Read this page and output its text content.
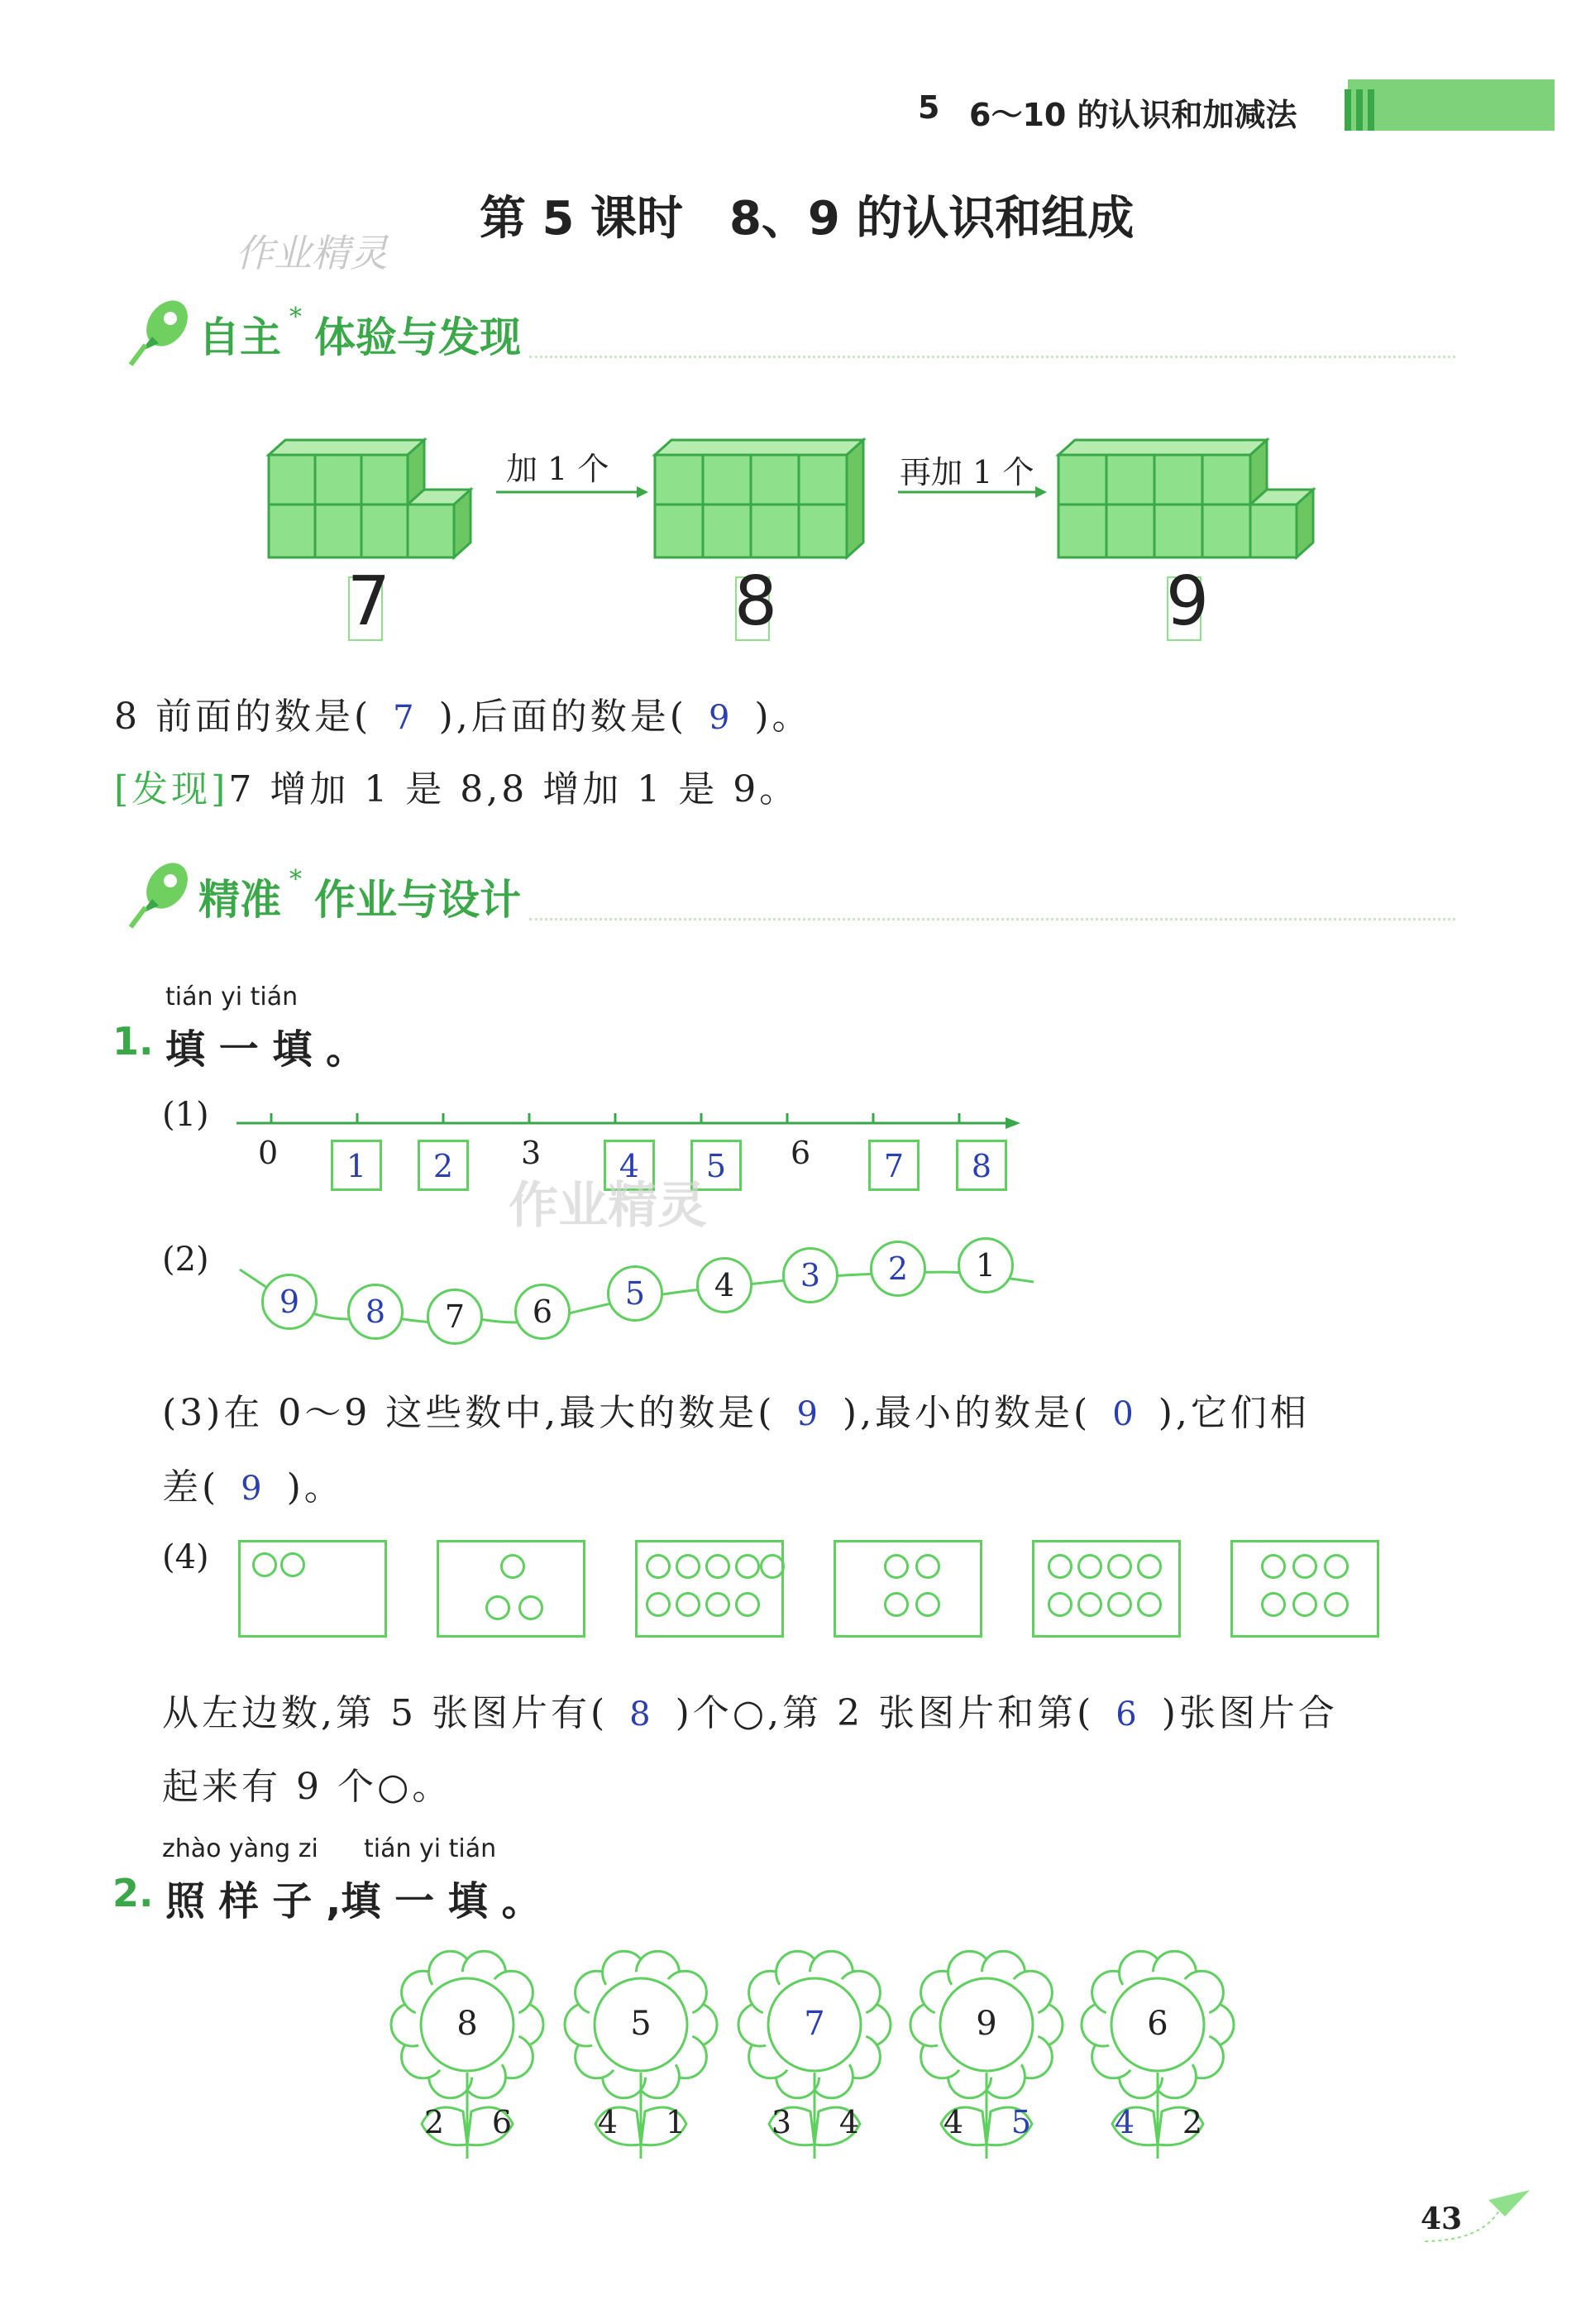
5 6～10 的认识和加减法
第 5 课时　8、9 的认识和组成
作业精灵
自主 体验与发现
*
加 1 个	再加 1 个
7	8	9
8 前面的数是( 7 ),后面的数是( 9 )。
[发现]7 增加 1 是 8,8 增加 1 是 9。
精准 作业与设计
*
tián yi tián
1. 填 一 填 。
(1)
0	3	6
1	2	4	5	7	8
作业精灵
(2)
9	8	7	6	5	4	3	2	1
(3)在 0～9 这些数中,最大的数是( 9 ),最小的数是( 0 ),它们相
差( 9 )。
(4)
从左边数,第 5 张图片有( 8 )个○,第 2 张图片和第( 6 )张图片合
起来有 9 个○。
zhào yàng zi tián yi tián
2. 照 样 子 ,填 一 填 。
8
2 6
5
4 1
7
3 4
9
4 5
6
4 2
43
